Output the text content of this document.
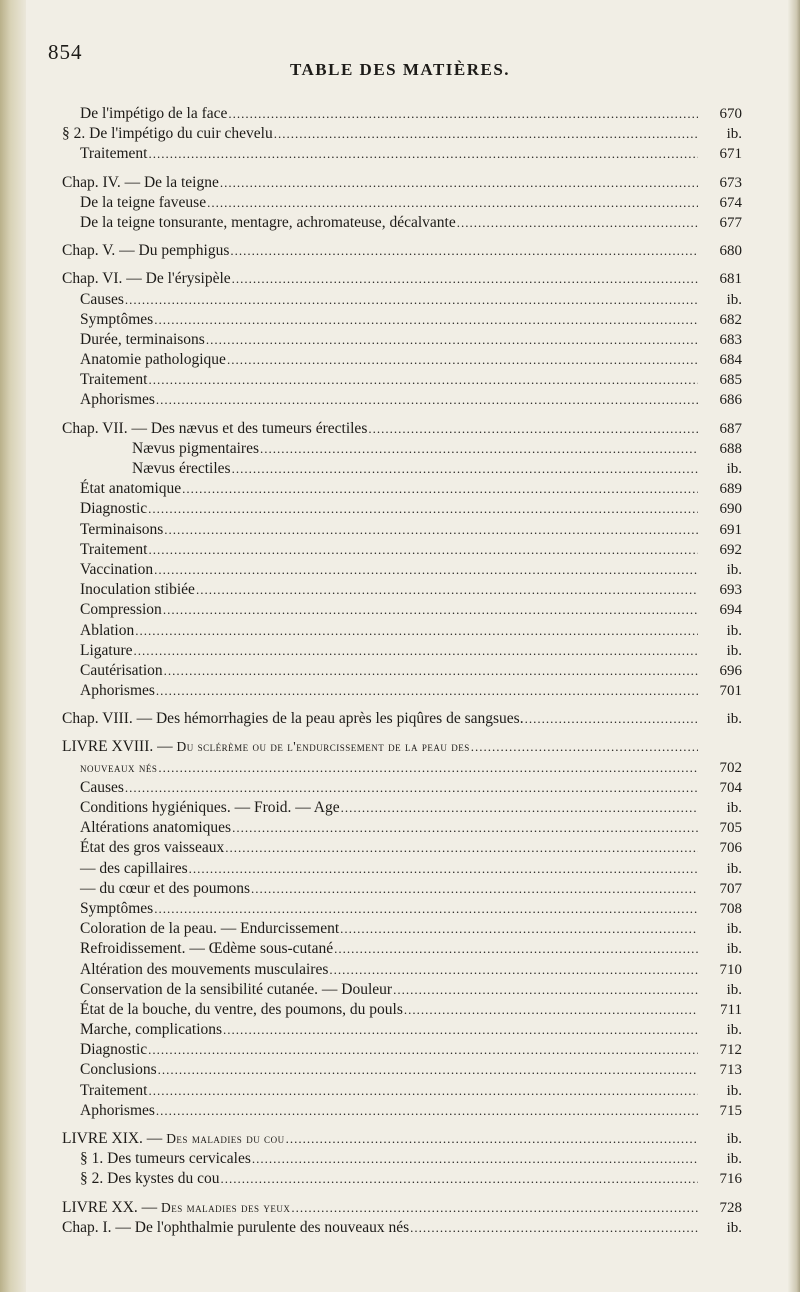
854
TABLE DES MATIÈRES.
De l'impétigo de la face .....	670
§ 2. De l'impétigo du cuir chevelu .....	ib.
Traitement .....	671
Chap. IV. — De la teigne .....	673
De la teigne faveuse .....	674
De la teigne tonsurante, mentagre, achromateuse, décalvante .....	677
Chap. V. — Du pemphigus .....	680
Chap. VI. — De l'érysipèle .....	681
Causes .....	ib.
Symptômes .....	682
Durée, terminaisons .....	683
Anatomie pathologique .....	684
Traitement .....	685
Aphorismes .....	686
Chap. VII. — Des nævus et des tumeurs érectiles .....	687
Nævus pigmentaires .....	688
Nævus érectiles .....	ib.
État anatomique .....	689
Diagnostic .....	690
Terminaisons .....	691
Traitement .....	692
Vaccination .....	ib.
Inoculation stibiée .....	693
Compression .....	694
Ablation .....	ib.
Ligature .....	ib.
Cautérisation .....	696
Aphorismes .....	701
Chap. VIII. — Des hémorrhagies de la peau après les piqûres de sangsues. .....	ib.
LIVRE XVIII. — Du sclérème ou de l'endurcissement de la peau des
.....
nouveaux nés .....	702
Causes .....	704
Conditions hygiéniques. — Froid. — Age .....	ib.
Altérations anatomiques .....	705
État des gros vaisseaux .....	706
— des capillaires .....	ib.
— du cœur et des poumons .....	707
Symptômes .....	708
Coloration de la peau. — Endurcissement .....	ib.
Refroidissement. — Œdème sous-cutané .....	ib.
Altération des mouvements musculaires .....	710
Conservation de la sensibilité cutanée. — Douleur .....	ib.
État de la bouche, du ventre, des poumons, du pouls .....	711
Marche, complications .....	ib.
Diagnostic .....	712
Conclusions .....	713
Traitement .....	ib.
Aphorismes .....	715
LIVRE XIX. — Des maladies du cou .....	ib.
§ 1. Des tumeurs cervicales .....	ib.
§ 2. Des kystes du cou .....	716
LIVRE XX. — Des maladies des yeux .....	728
Chap. I. — De l'ophthalmie purulente des nouveaux nés .....	ib.
